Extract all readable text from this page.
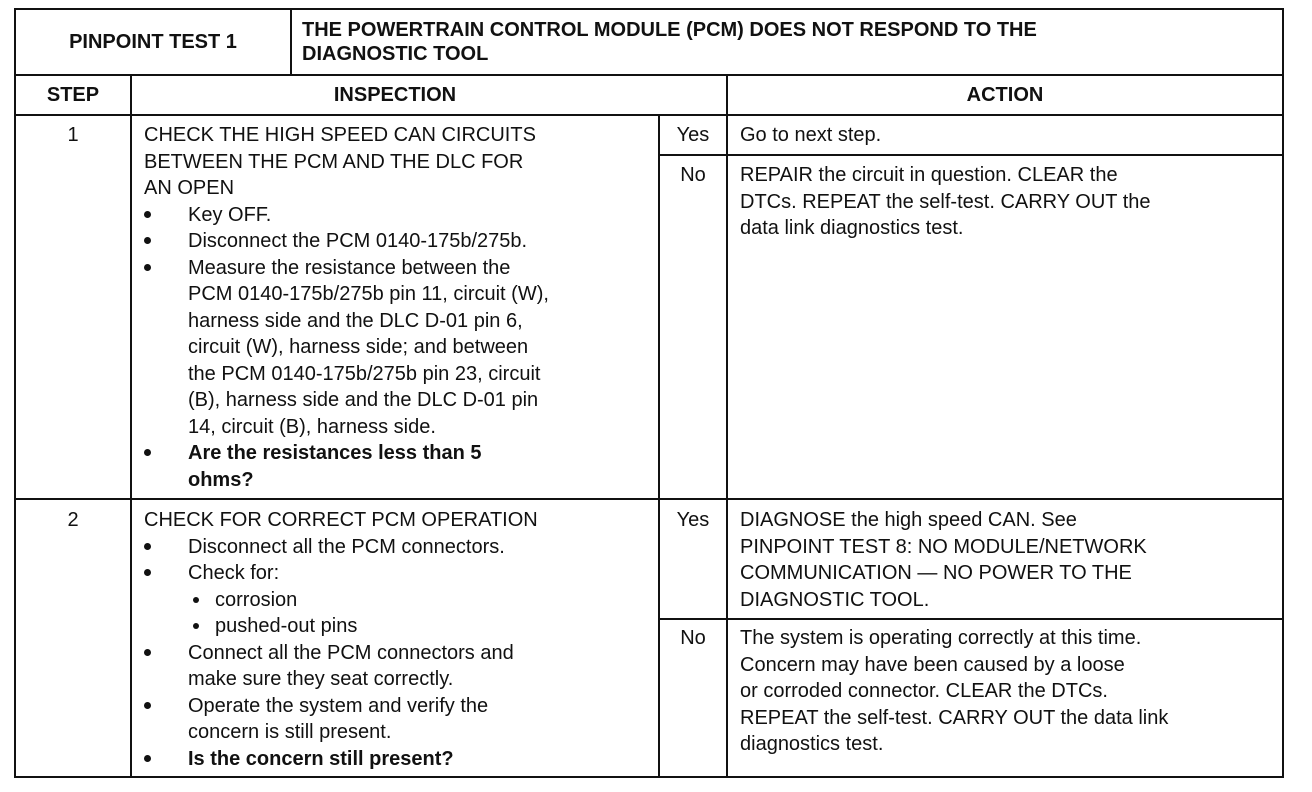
PINPOINT TEST 1
THE POWERTRAIN CONTROL MODULE (PCM) DOES NOT RESPOND TO THE
DIAGNOSTIC TOOL
STEP	INSPECTION	ACTION
1	CHECK THE HIGH SPEED CAN CIRCUITS
BETWEEN THE PCM AND THE DLC FOR
AN OPEN
Key OFF.
Disconnect the PCM 0140-175b/275b.
Measure the resistance between the
PCM 0140-175b/275b pin 11, circuit (W),
harness side and the DLC D-01 pin 6,
circuit (W), harness side; and between
the PCM 0140-175b/275b pin 23, circuit
(B), harness side and the DLC D-01 pin
14, circuit (B), harness side.
Are the resistances less than 5
ohms?
Yes	Go to next step.
No	REPAIR the circuit in question. CLEAR the
DTCs. REPEAT the self-test. CARRY OUT the
data link diagnostics test.
2	CHECK FOR CORRECT PCM OPERATION
Disconnect all the PCM connectors.
Check for:
corrosion
pushed-out pins
Connect all the PCM connectors and
make sure they seat correctly.
Operate the system and verify the
concern is still present.
Is the concern still present?
Yes	DIAGNOSE the high speed CAN. See
PINPOINT TEST 8: NO MODULE/NETWORK
COMMUNICATION — NO POWER TO THE
DIAGNOSTIC TOOL.
No	The system is operating correctly at this time.
Concern may have been caused by a loose
or corroded connector. CLEAR the DTCs.
REPEAT the self-test. CARRY OUT the data link
diagnostics test.
